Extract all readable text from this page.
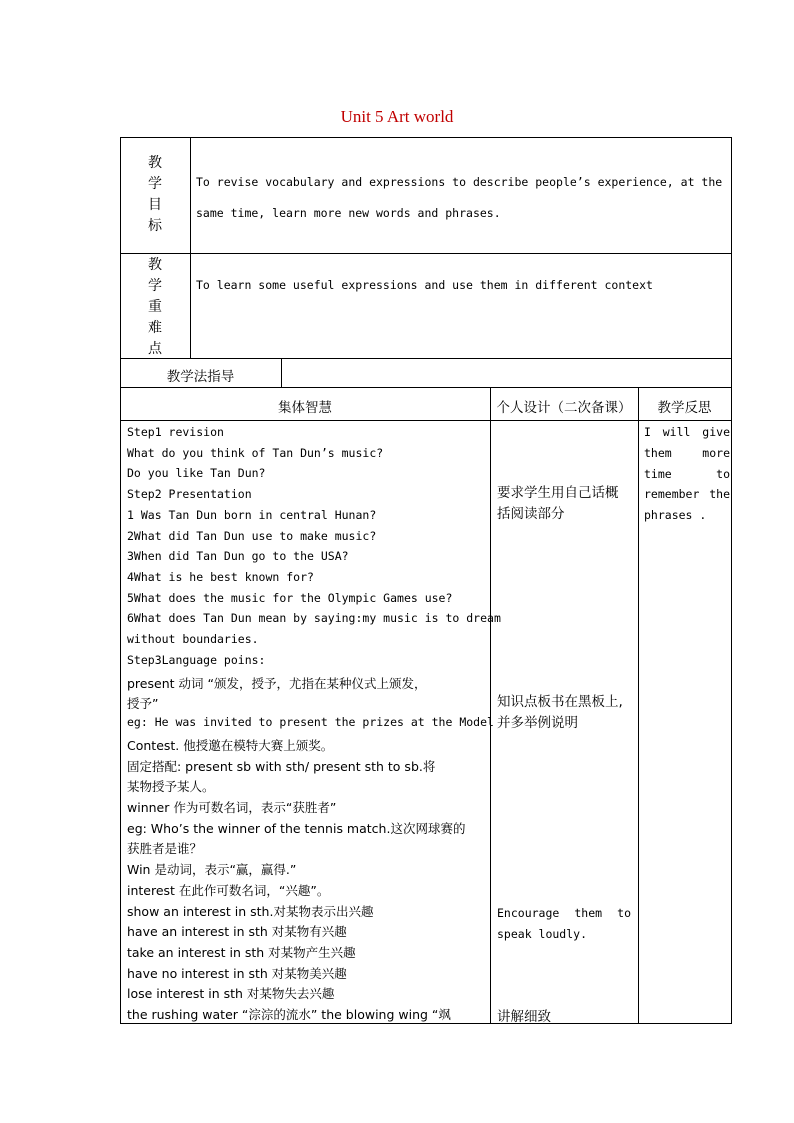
Unit 5 Art world
教
学
目
标
To revise vocabulary and expressions to describe people’s experience, at the
same time, learn more new words and phrases.
教
学
重
难
点
To learn some useful expressions and use them in different context
教学法指导
集体智慧	个人设计（二次备课）	教学反思
Step1 revision
What do you think of Tan Dun’s music?
Do you like Tan Dun?
Step2 Presentation
1 Was Tan Dun born in central Hunan?
2What did Tan Dun use to make music?
3When did Tan Dun go to the USA?
4What is he best known for?
5What does the music for the Olympic Games use?
6What does Tan Dun mean by saying:my music is to dream
without boundaries.
Step3Language poins:
present 动词 “颁发，授予，尤指在某种仪式上颁发，
授予”
eg: He was invited to present the prizes at the Model
Contest. 他授邀在模特大赛上颁奖。
固定搭配: present sb with sth/ present sth to sb.将
某物授予某人。
winner 作为可数名词，表示“获胜者”
eg: Who’s the winner of the tennis match.这次网球赛的
获胜者是谁？
Win 是动词，表示“赢，赢得.”
interest 在此作可数名词，“兴趣”。
show an interest in sth.对某物表示出兴趣
have an interest in sth 对某物有兴趣
take an interest in sth 对某物产生兴趣
have no interest in sth 对某物美兴趣
lose interest in sth 对某物失去兴趣
the rushing water “淙淙的流水” the blowing wing “飒
要求学生用自己话概
括阅读部分
知识点板书在黑板上,
并多举例说明
Encourage them to
speak loudly.
讲解细致
I will give them more time to remember the phrases .
